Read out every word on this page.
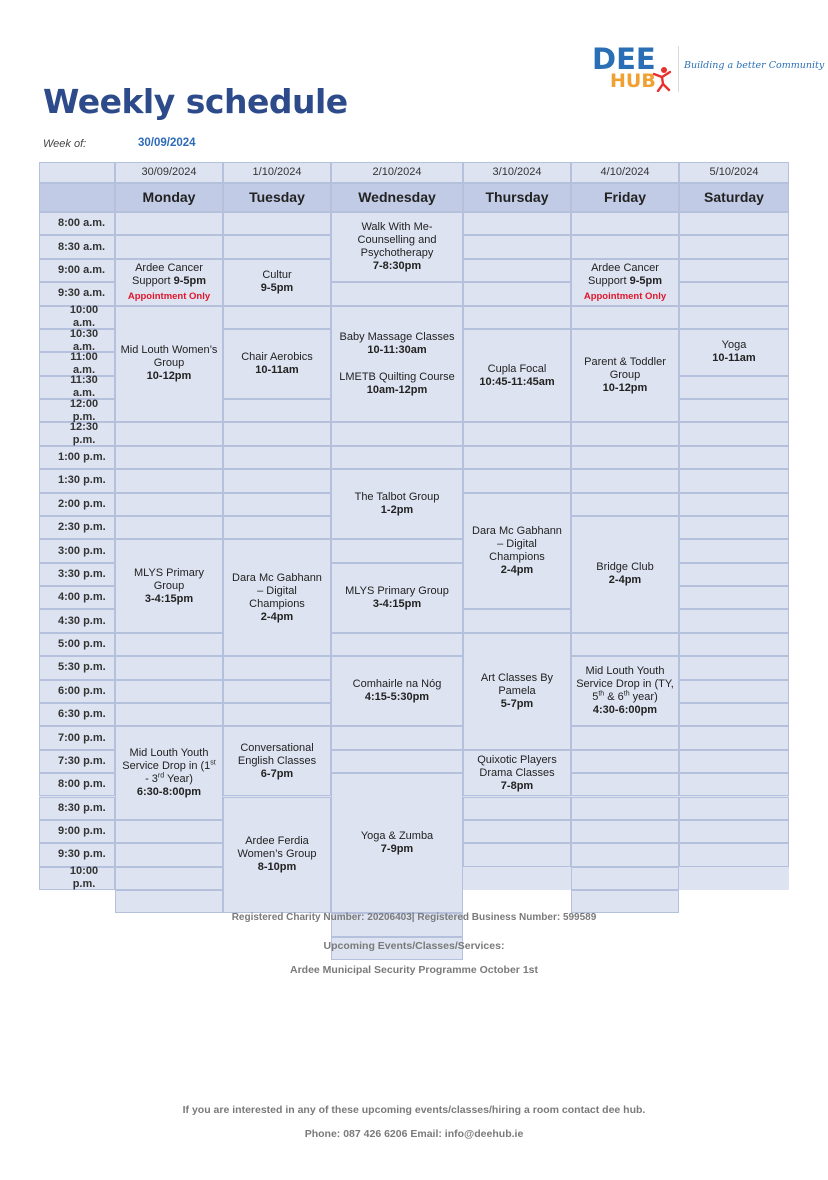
DEE
HUB
Building a better Community
Weekly schedule
Week of:	30/09/2024
30/09/2024
Monday
1/10/2024
Tuesday
2/10/2024
Wednesday
3/10/2024
Thursday
4/10/2024
Friday
5/10/2024
Saturday
8:00 a.m.
8:30 a.m.
9:00 a.m.
9:30 a.m.
10:00 a.m.
10:30 a.m.
11:00 a.m.
11:30 a.m.
12:00 p.m.
12:30 p.m.
1:00 p.m.
1:30 p.m.
2:00 p.m.
2:30 p.m.
3:00 p.m.
3:30 p.m.
4:00 p.m.
4:30 p.m.
5:00 p.m.
5:30 p.m.
6:00 p.m.
6:30 p.m.
7:00 p.m.
7:30 p.m.
8:00 p.m.
8:30 p.m.
9:00 p.m.
9:30 p.m.
10:00 p.m.
Ardee Cancer Support 9-5pm
Appointment Only
Mid Louth Women’s Group
10-12pm
MLYS Primary Group
3-4:15pm
Mid Louth Youth Service Drop in (1st - 3rd Year)
6:30-8:00pm
Cultur
9-5pm
Chair Aerobics
10-11am
Dara Mc Gabhann – Digital Champions
2-4pm
Conversational English Classes
6-7pm
Ardee Ferdia Women’s Group
8-10pm
Walk With Me- Counselling and Psychotherapy
7-8:30pm
Baby Massage Classes
10-11:30am
LMETB Quilting Course
10am-12pm
The Talbot Group
1-2pm
MLYS Primary Group
3-4:15pm
Comhairle na Nóg
4:15-5:30pm
Yoga & Zumba
7-9pm
Cupla Focal
10:45-11:45am
Dara Mc Gabhann – Digital Champions
2-4pm
Art Classes By Pamela
5-7pm
Quixotic Players Drama Classes
7-8pm
Ardee Cancer Support 9-5pm
Appointment Only
Parent & Toddler Group
10-12pm
Bridge Club
2-4pm
Mid Louth Youth Service Drop in (TY, 5th & 6th year)
4:30-6:00pm
Yoga
10-11am
Registered Charity Number: 20206403| Registered Business Number: 599589
Upcoming Events/Classes/Services:
Ardee Municipal Security Programme October 1st
If you are interested in any of these upcoming events/classes/hiring a room contact dee hub.
Phone: 087 426 6206 Email: info@deehub.ie
